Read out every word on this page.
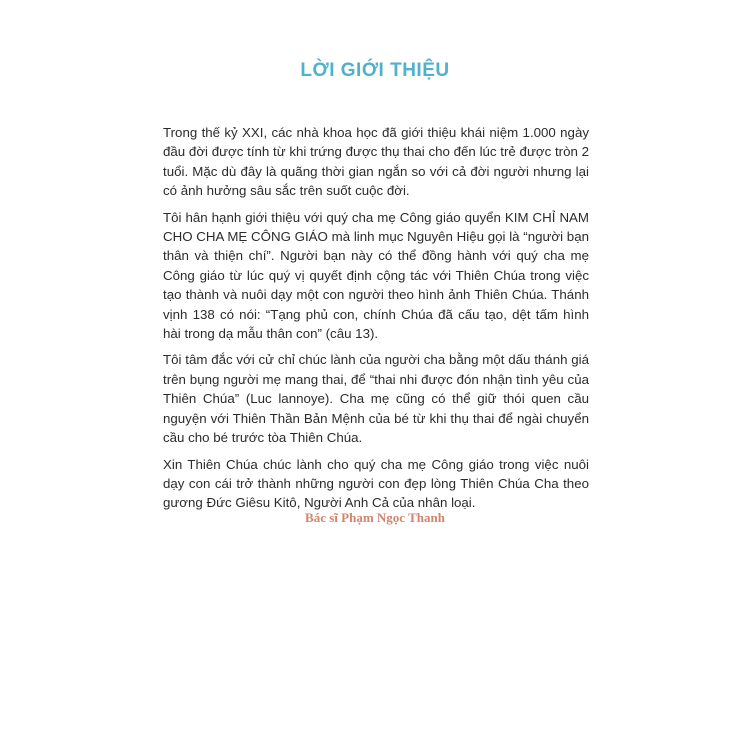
LỜI GIỚI THIỆU

Trong thế kỷ XXI, các nhà khoa học đã giới thiệu khái niệm 1.000 ngày đầu đời được tính từ khi trứng được thụ thai cho đến lúc trẻ được tròn 2 tuổi. Mặc dù đây là quãng thời gian ngắn so với cả đời người nhưng lại có ảnh hưởng sâu sắc trên suốt cuộc đời.

Tôi hân hạnh giới thiệu với quý cha mẹ Công giáo quyển KIM CHỈ NAM CHO CHA MẸ CÔNG GIÁO mà linh mục Nguyên Hiệu gọi là “người bạn thân và thiện chí”. Người bạn này có thể đồng hành với quý cha mẹ Công giáo từ lúc quý vị quyết định cộng tác với Thiên Chúa trong việc tạo thành và nuôi dạy một con người theo hình ảnh Thiên Chúa. Thánh vịnh 138 có nói: “Tạng phủ con, chính Chúa đã cấu tạo, dệt tấm hình hài trong dạ mẫu thân con” (câu 13).

Tôi tâm đắc với cử chỉ chúc lành của người cha bằng một dấu thánh giá trên bụng người mẹ mang thai, để “thai nhi được đón nhận tình yêu của Thiên Chúa” (Luc lannoye). Cha mẹ cũng có thể giữ thói quen cầu nguyện với Thiên Thần Bản Mệnh của bé từ khi thụ thai để ngài chuyển cầu cho bé trước tòa Thiên Chúa.

Xin Thiên Chúa chúc lành cho quý cha mẹ Công giáo trong việc nuôi dạy con cái trở thành những người con đẹp lòng Thiên Chúa Cha theo gương Đức Giêsu Kitô, Người Anh Cả của nhân loại.

Bác sĩ Phạm Ngọc Thanh
